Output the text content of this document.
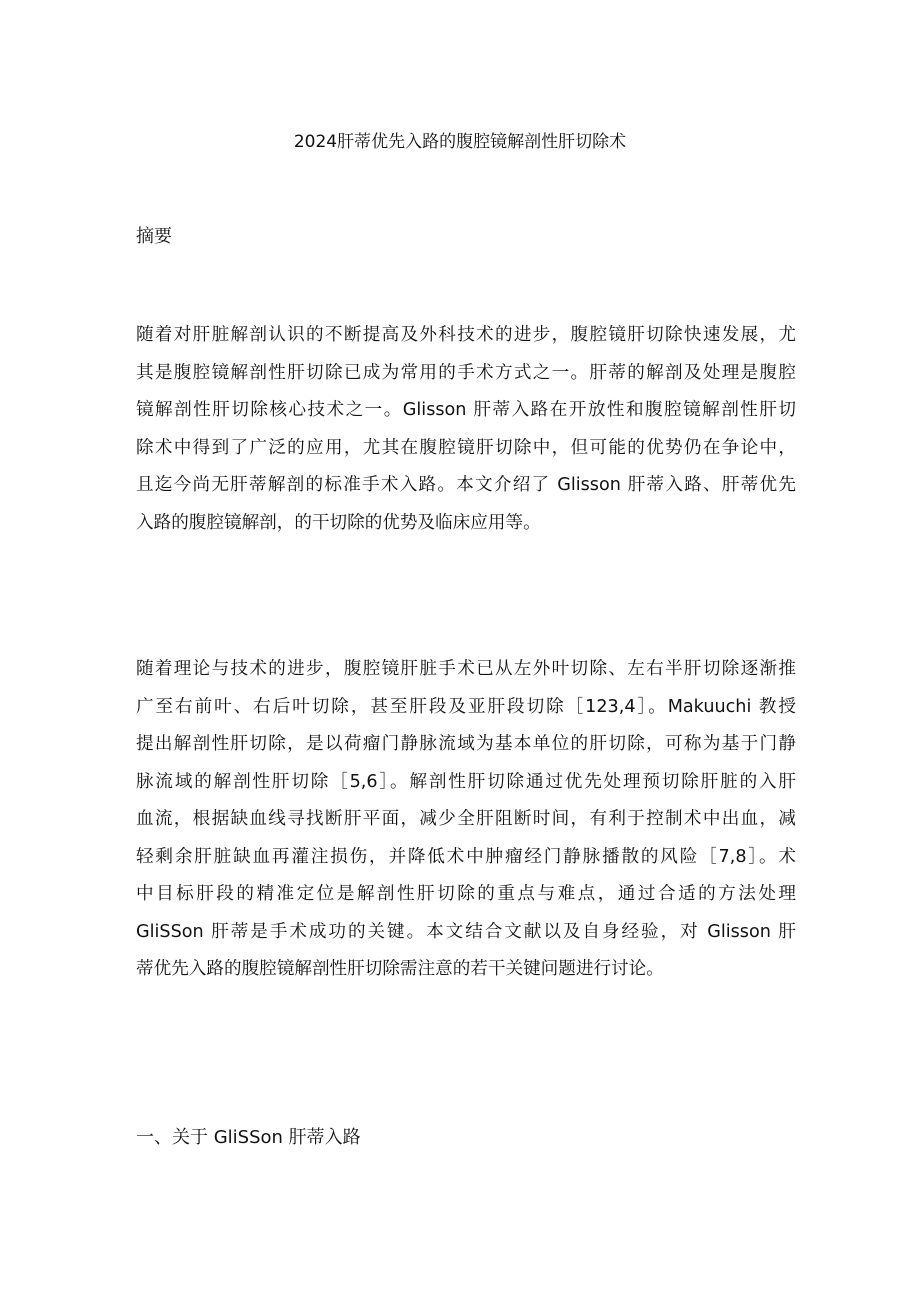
2024肝蒂优先入路的腹腔镜解剖性肝切除术
摘要

随着对肝脏解剖认识的不断提高及外科技术的进步，腹腔镜肝切除快速发展，尤
其是腹腔镜解剖性肝切除已成为常用的手术方式之一。肝蒂的解剖及处理是腹腔
镜解剖性肝切除核心技术之一。Glisson 肝蒂入路在开放性和腹腔镜解剖性肝切
除术中得到了广泛的应用，尤其在腹腔镜肝切除中，但可能的优势仍在争论中，
且迄今尚无肝蒂解剖的标准手术入路。本文介绍了 Glisson 肝蒂入路、肝蒂优先
入路的腹腔镜解剖，的干切除的优势及临床应用等。

随着理论与技术的进步，腹腔镜肝脏手术已从左外叶切除、左右半肝切除逐渐推
广至右前叶、右后叶切除，甚至肝段及亚肝段切除［123,4］。Makuuchi 教授
提出解剖性肝切除，是以荷瘤门静脉流域为基本单位的肝切除，可称为基于门静
脉流域的解剖性肝切除［5,6］。解剖性肝切除通过优先处理预切除肝脏的入肝
血流，根据缺血线寻找断肝平面，减少全肝阻断时间，有利于控制术中出血，减
轻剩余肝脏缺血再灌注损伤，并降低术中肿瘤经门静脉播散的风险［7,8］。术
中目标肝段的精准定位是解剖性肝切除的重点与难点，通过合适的方法处理
GliSSon 肝蒂是手术成功的关键。本文结合文献以及自身经验，对 Glisson 肝
蒂优先入路的腹腔镜解剖性肝切除需注意的若干关键问题进行讨论。

一、关于 GliSSon 肝蒂入路
